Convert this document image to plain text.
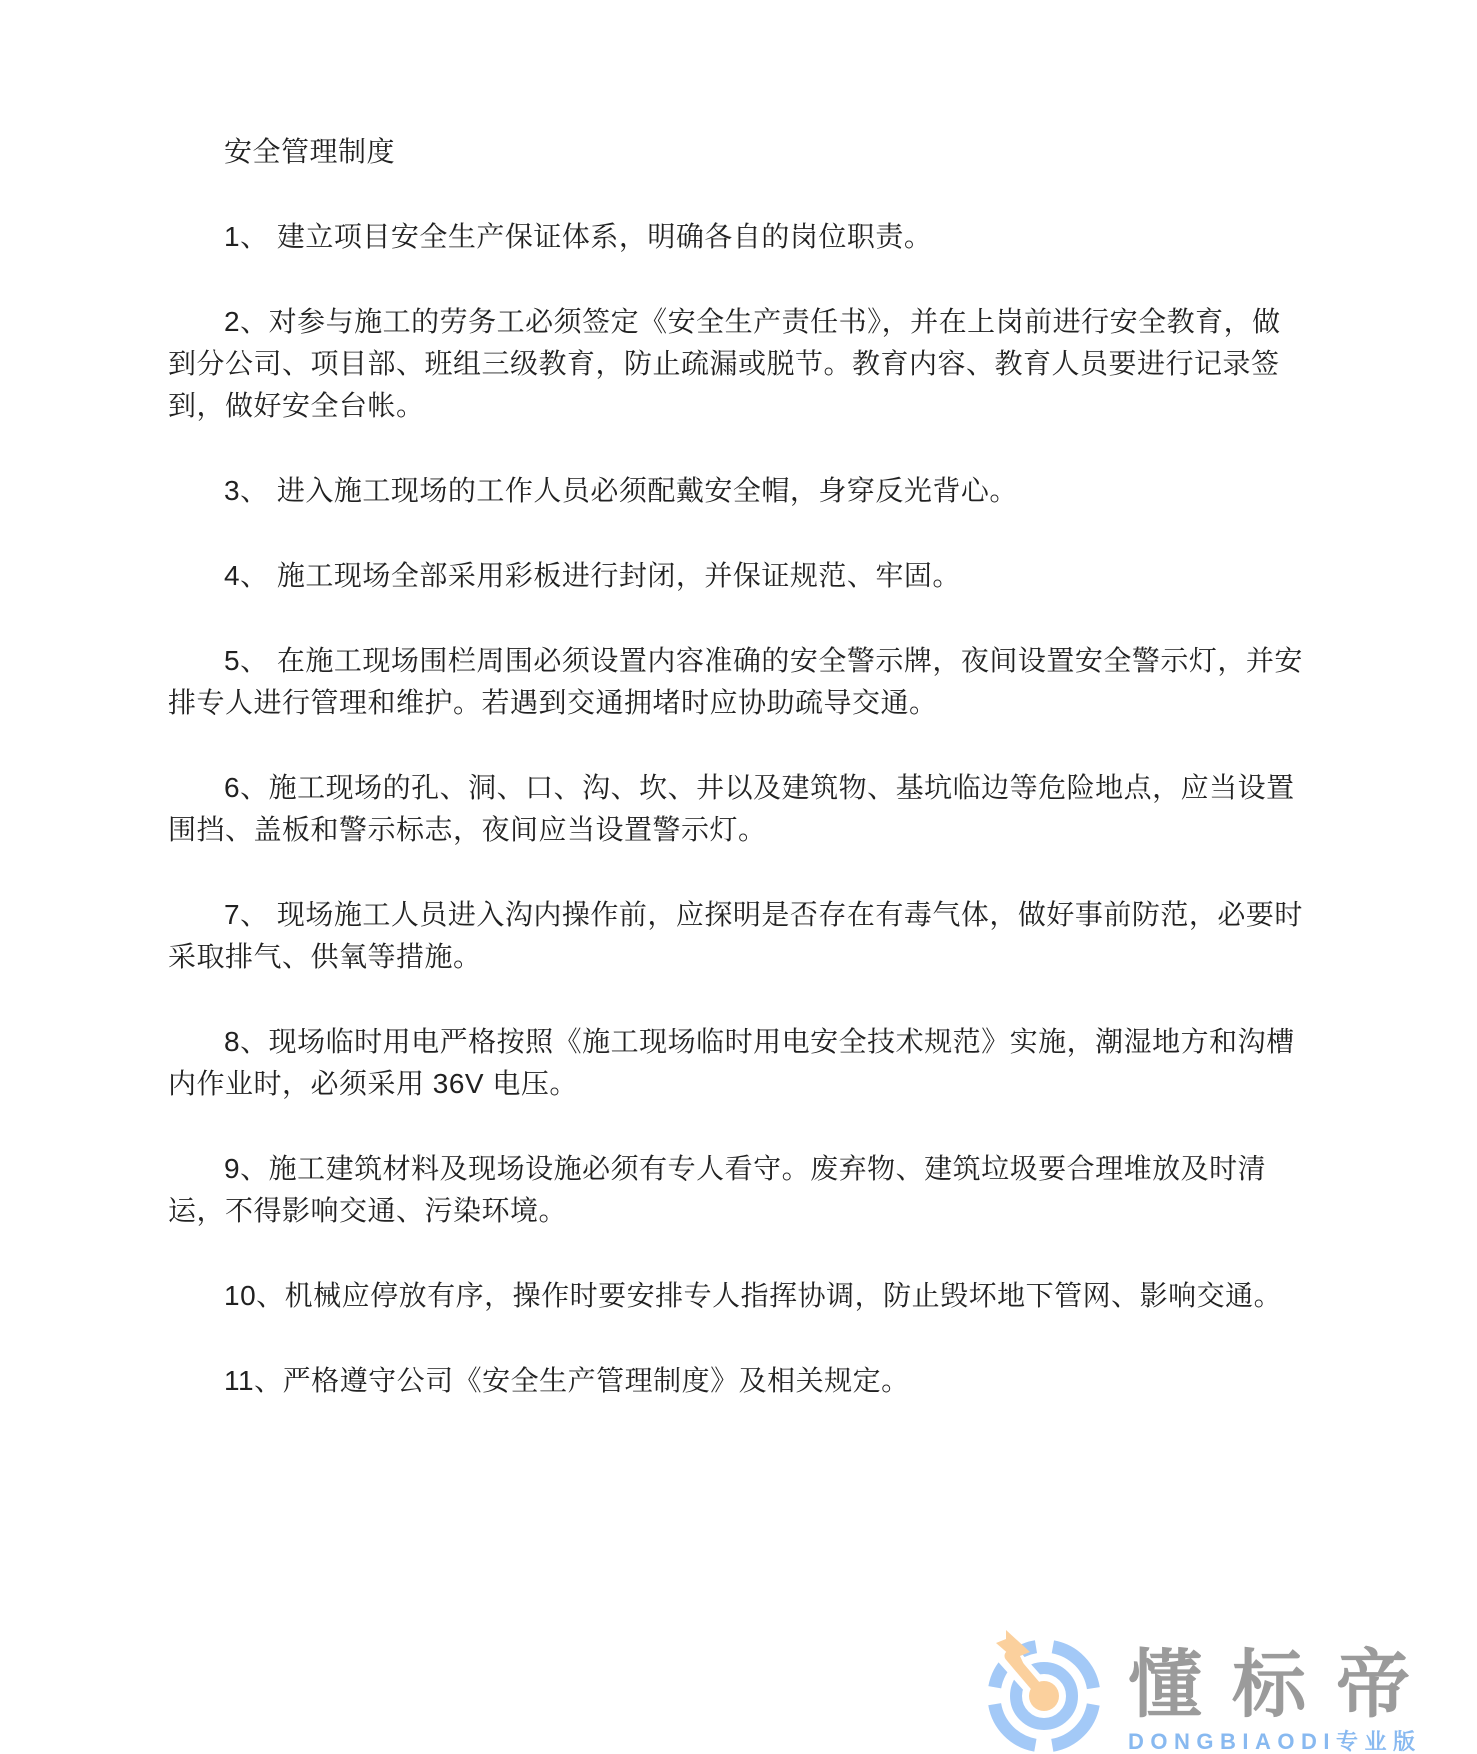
安全管理制度

1、 建立项目安全生产保证体系，明确各自的岗位职责。

2、对参与施工的劳务工必须签定《安全生产责任书》，并在上岗前进行安全教育，做到分公司、项目部、班组三级教育，防止疏漏或脱节。教育内容、教育人员要进行记录签到，做好安全台帐。

3、 进入施工现场的工作人员必须配戴安全帽，身穿反光背心。

4、 施工现场全部采用彩板进行封闭，并保证规范、牢固。

5、 在施工现场围栏周围必须设置内容准确的安全警示牌，夜间设置安全警示灯，并安排专人进行管理和维护。若遇到交通拥堵时应协助疏导交通。

6、施工现场的孔、洞、口、沟、坎、井以及建筑物、基坑临边等危险地点，应当设置围挡、盖板和警示标志，夜间应当设置警示灯。

7、 现场施工人员进入沟内操作前，应探明是否存在有毒气体，做好事前防范，必要时采取排气、供氧等措施。

8、现场临时用电严格按照《施工现场临时用电安全技术规范》实施，潮湿地方和沟槽内作业时，必须采用 36V 电压。

9、施工建筑材料及现场设施必须有专人看守。废弃物、建筑垃圾要合理堆放及时清运，不得影响交通、污染环境。

10、机械应停放有序，操作时要安排专人指挥协调，防止毁坏地下管网、影响交通。

11、严格遵守公司《安全生产管理制度》及相关规定。

懂标帝
DONGBIAODI专业版
